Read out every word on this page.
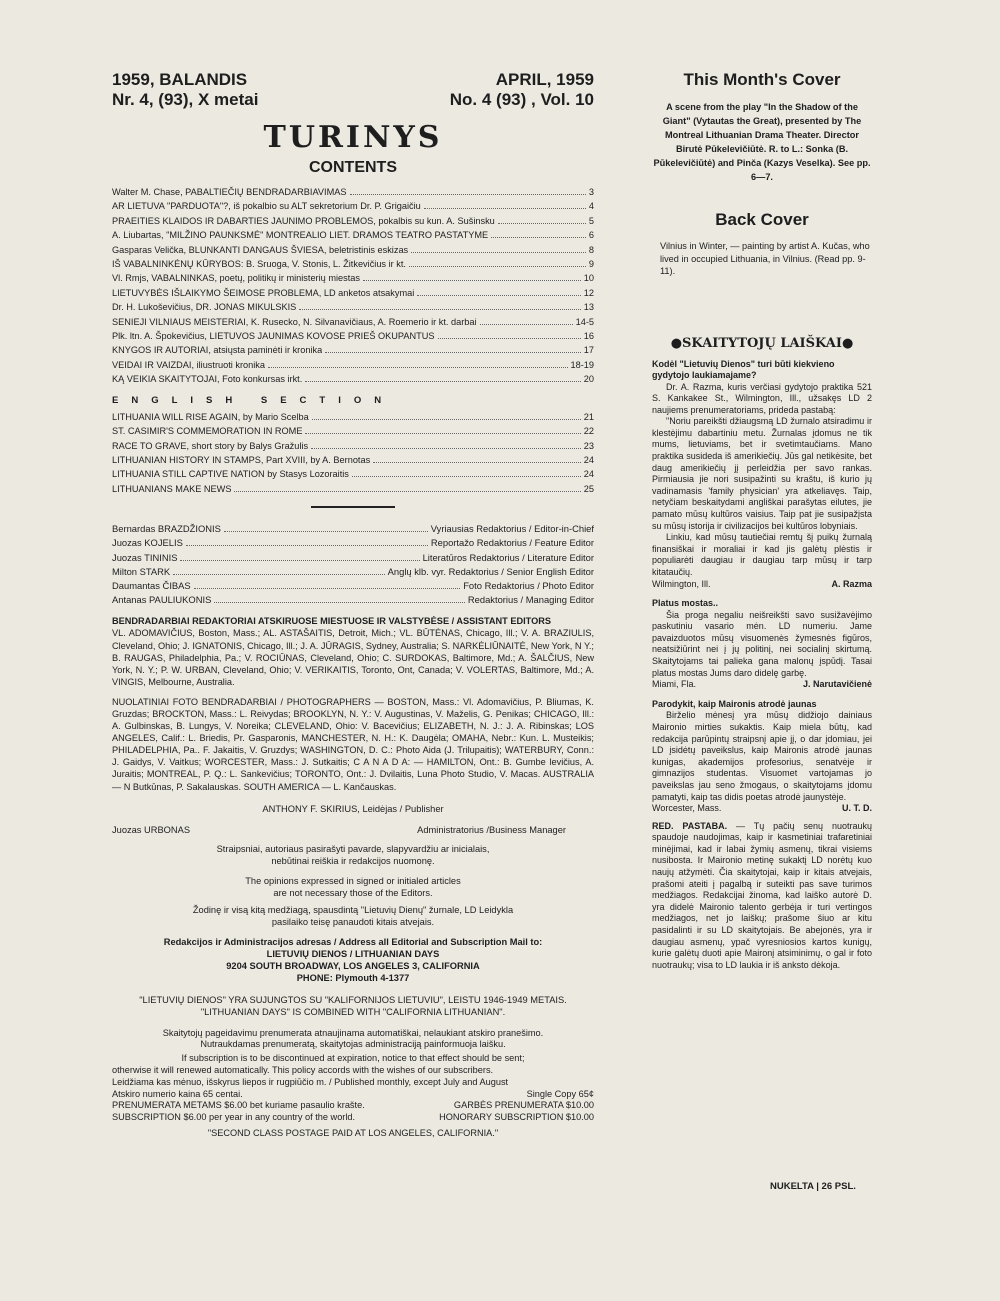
1959, BALANDIS
Nr. 4, (93), X metai
APRIL, 1959
No. 4 (93) , Vol. 10
TURINYS
CONTENTS
Walter M. Chase, PABALTIEČIŲ BENDRADARBIAVIMAS	3
AR LIETUVA "PARDUOTA"?, iš pokalbio su ALT sekretorium Dr. P. Grigaičiu	4
PRAEITIES KLAIDOS IR DABARTIES JAUNIMO PROBLEMOS, pokalbis su kun. A. Sušinsku	5
A. Liubartas, "MILŽINO PAUNKSMĖ" MONTREALIO LIET. DRAMOS TEATRO PASTATYME	6
Gasparas Velička, BLUNKANTI DANGAUS ŠVIESA, beletristinis eskizas	8
IŠ VABALNINKĖNŲ KŪRYBOS: B. Sruoga, V. Stonis, L. Žitkevičius ir kt.	9
Vl. Rmjs, VABALNINKAS, poetų, politikų ir ministerių miestas	10
LIETUVYBĖS IŠLAIKYMO ŠEIMOSE PROBLEMA, LD anketos atsakymai	12
Dr. H. Lukoševičius, DR. JONAS MIKULSKIS	13
SENIEJI VILNIAUS MEISTERIAI, K. Rusecko, N. Silvanavičiaus, A. Roemerio ir kt. darbai	14-5
Plk. ltn. A. Špokevičius, LIETUVOS JAUNIMAS KOVOSE PRIEŠ OKUPANTUS	16
KNYGOS IR AUTORIAI, atsiųsta paminėti ir kronika	17
VEIDAI IR VAIZDAI, iliustruoti kronika	18-19
KĄ VEIKIA SKAITYTOJAI, Foto konkursas irkt.	20
ENGLISH SECTION
LITHUANIA WILL RISE AGAIN, by Mario Scelba	21
ST. CASIMIR'S COMMEMORATION IN ROME	22
RACE TO GRAVE, short story by Balys Gražulis	23
LITHUANIAN HISTORY IN STAMPS, Part XVIII, by A. Bernotas	24
LITHUANIA STILL CAPTIVE NATION by Stasys Lozoraitis	24
LITHUANIANS MAKE NEWS	25
Bernardas BRAZDŽIONIS	Vyriausias Redaktorius / Editor-in-Chief
Juozas KOJELIS	Reportažo Redaktorius / Feature Editor
Juozas TININIS	Literatūros Redaktorius / Literature Editor
Milton STARK	Anglų klb. vyr. Redaktorius / Senior English Editor
Daumantas ČIBAS	Foto Redaktorius / Photo Editor
Antanas PAULIUKONIS	Redaktorius / Managing Editor
BENDRADARBIAI REDAKTORIAI ATSKIRUOSE MIESTUOSE IR VALSTYBĖSE / ASSISTANT EDITORS
VL. ADOMAVIČIUS, Boston, Mass.; AL. ASTAŠAITIS, Detroit, Mich.; VL. BŪTĖNAS, Chicago, Ill.; V. A. BRAZIULIS, Cleveland, Ohio; J. IGNATONIS, Chicago, Ill.; J. A. JŪRAGIS, Sydney, Australia; S. NARKĖLIŪNAITĖ, New York, N Y.; B. RAUGAS, Philadelphia, Pa.; V. ROCIŪNAS, Cleveland, Ohio; C. SURDOKAS, Baltimore, Md.; A. ŠALČIUS, New York, N. Y.; P. W. URBAN, Cleveland, Ohio; V. VERIKAITIS, Toronto, Ont, Canada; V. VOLERTAS, Baltimore, Md.; A. VINGIS, Melbourne, Australia.
NUOLATINIAI FOTO BENDRADARBIAI / PHOTOGRAPHERS — BOSTON, Mass.: Vl. Adomavičius, P. Bliumas, K. Gruzdas; BROCKTON, Mass.: L. Reivydas; BROOKLYN, N. Y.: V. Augustinas, V. Maželis, G. Penikas; CHICAGO, Ill.: A. Gulbinskas, B. Lungys, V. Noreika; CLEVELAND, Ohio: V. Bacevičius; ELIZABETH, N. J.: J. A. Ribinskas; LOS ANGELES, Calif.: L. Briedis, Pr. Gasparonis, MANCHESTER, N. H.: K. Daugėla; OMAHA, Nebr.: Kun. L. Musteikis; PHILADELPHIA, Pa.. F. Jakaitis, V. Gruzdys; WASHINGTON, D. C.: Photo Aida (J. Trilupaitis); WATERBURY, Conn.: J. Gaidys, V. Vaitkus; WORCESTER, Mass.: J. Sutkaitis; C A N A D A: — HAMILTON, Ont.: B. Gumbe levičius, A. Juraitis; MONTREAL, P. Q.: L. Sankevičius; TORONTO, Ont.: J. Dvilaitis, Luna Photo Studio, V. Macas. AUSTRALIA — N Butkūnas, P. Sakalauskas. SOUTH AMERICA — L. Kančauskas.
ANTHONY F. SKIRIUS, Leidėjas / Publisher
Juozas URBONAS	Administratorius /Business Manager
Straipsniai, autoriaus pasirašyti pavarde, slapyvardžiu ar inicialais,
nebūtinai reiškia ir redakcijos nuomonę.
The opinions expressed in signed or initialed articles
are not necessary those of the Editors.
Žodinę ir visą kitą medžiagą, spausdintą "Lietuvių Dienų" žurnale, LD Leidykla
pasilaiko teisę panaudoti kitais atvejais.
Redakcijos ir Administracijos adresas / Address all Editorial and Subscription Mail to:
LIETUVIŲ DIENOS / LITHUANIAN DAYS
9204 SOUTH BROADWAY, LOS ANGELES 3, CALIFORNIA
PHONE: Plymouth 4-1377
"LIETUVIŲ DIENOS" YRA SUJUNGTOS SU "KALIFORNIJOS LIETUVIU", LEISTU 1946-1949 METAIS.
"LITHUANIAN DAYS" IS COMBINED WITH "CALIFORNIA LITHUANIAN".
Skaitytojų pageidavimu prenumerata atnaujinama automatiškai, nelaukiant atskiro pranešimo.
Nutraukdamas prenumeratą, skaitytojas administraciją painformuoja laišku.
If subscription is to be discontinued at expiration, notice to that effect should be sent;
otherwise it will renewed automatically. This policy accords with the wishes of our subscribers.
Leidžiama kas mėnuo, išskyrus liepos ir rugpiūčio m. / Published monthly, except July and August
Atskiro numerio kaina 65 centai.	Single Copy 65¢
PRENUMERATA METAMS $6.00 bet kuriame pasaulio krašte.	GARBĖS PRENUMERATA $10.00
SUBSCRIPTION $6.00 per year in any country of the world.	HONORARY SUBSCRIPTION $10.00
"SECOND CLASS POSTAGE PAID AT LOS ANGELES, CALIFORNIA."
This Month's Cover
A scene from the play "In the Shadow of the Giant" (Vytautas the Great), presented by The Montreal Lithuanian Drama Theater. Director Birutė Pūkelevičiūtė. R. to L.: Sonka (B. Pūkelevičiūtė) and Pinča (Kazys Veselka). See pp. 6—7.
Back Cover
Vilnius in Winter, — painting by artist A. Kučas, who lived in occupied Lithuania, in Vilnius. (Read pp. 9-11).
●SKAITYTOJŲ LAIŠKAI●
Kodėl "Lietuvių Dienos" turi būti kiekvieno gydytojo laukiamajame?

Dr. A. Razma, kuris verčiasi gydytojo praktika 521 S. Kankakee St., Wilmington, Ill., užsakęs LD 2 naujiems prenumeratoriams, prideda pastabą:

"Noriu pareikšti džiaugsmą LD žurnalo atsiradimu ir klestėjimu dabartiniu metu. Žurnalas įdomus ne tik mums, lietuviams, bet ir svetimtaučiams. Mano praktika susideda iš amerikiečių. Jūs gal netikėsite, bet daug amerikiečių jį perleidžia per savo rankas. Pirmiausia jie nori susipažinti su kraštu, iš kurio jų vadinamasis 'family physician' yra atkeliavęs. Taip, netyčiam beskaitydami angliškai parašytas eilutes, jie pamato mūsų kultūros vaisius. Taip pat jie susipažįsta su mūsų istorija ir civilizacijos bei kultūros lobyniais.

Linkiu, kad mūsų tautiečiai remtų šį puikų žurnalą finansiškai ir moraliai ir kad jis galėtų plėstis ir populiarėti daugiau ir daugiau tarp mūsų ir tarp kitataučių.

Wilmington, Ill.	A. Razma
Platus mostas..

Šia proga negaliu neišreikšti savo susižavėjimo paskutiniu vasario mėn. LD numeriu. Jame pavaizduotos mūsų visuomenės žymesnės figūros, neatsižiūrint nei į jų politinį, nei socialinį skirtumą. Skaitytojams tai palieka gana malonų įspūdį. Tasai platus mostas Jums daro didelę garbę.

Miami, Fla.	J. Narutavičienė
Parodykit, kaip Maironis atrodė jaunas

Birželio mėnesį yra mūsų didžiojo dainiaus Maironio mirties sukaktis. Kaip miela būtų, kad redakcija parūpintų straipsnį apie jį, o dar įdomiau, jei LD įsidėtų paveikslus, kaip Maironis atrodė jaunas kunigas, akademijos profesorius, senatvėje ir gimnazijos studentas. Visuomet vartojamas jo paveikslas jau seno žmogaus, o skaitytojams įdomu pamatyti, kaip tas didis poetas atrodė jaunystėje.

Worcester, Mass.	U. T. D.

RED. PASTABA. — Tų pačių senų nuotraukų spaudoje naudojimas, kaip ir kasmetiniai trafaretiniai minėjimai, kad ir labai žymių asmenų, tikrai visiems nusibosta. Ir Maironio metinę sukaktį LD norėtų kuo naujų atžymėti. Čia skaitytojai, kaip ir kitais atvejais, prašomi ateiti į pagalbą ir suteikti pas save turimos medžiagos. Redakcijai žinoma, kad laiško autorė D. yra didelė Maironio talento gerbėja ir turi vertingos medžiagos, net jo laiškų; prašome šiuo ar kitu pasidalinti ir su LD skaitytojais. Be abejonės, yra ir daugiau asmenų, ypač vyresniosios kartos kunigų, kurie galėtų duoti apie Maironį atsiminimų, o gal ir foto nuotraukų; visa to LD laukia ir iš anksto dėkoja.

NUKELTA | 26 PSL.
